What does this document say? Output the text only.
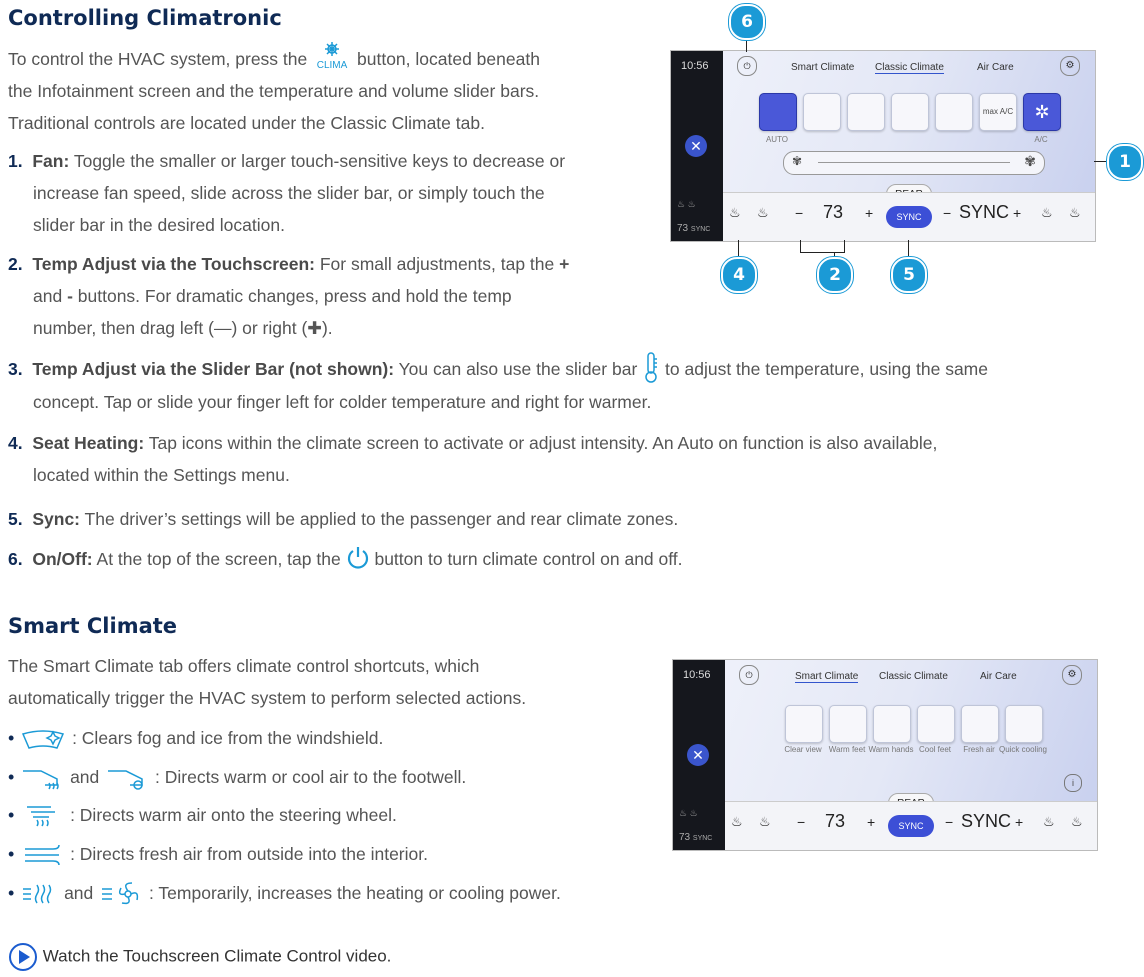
Controlling Climatronic
To control the HVAC system, press the CLIMA button, located beneath
the Infotainment screen and the temperature and volume slider bars.
Traditional controls are located under the Classic Climate tab.
1. Fan: Toggle the smaller or larger touch-sensitive keys to decrease or
increase fan speed, slide across the slider bar, or simply touch the
slider bar in the desired location.
2. Temp Adjust via the Touchscreen: For small adjustments, tap the +
and - buttons. For dramatic changes, press and hold the temp
number, then drag left (—) or right (✚).
3. Temp Adjust via the Slider Bar (not shown): You can also use the slider bar to adjust the temperature, using the same
concept. Tap or slide your finger left for colder temperature and right for warmer.
4. Seat Heating: Tap icons within the climate screen to activate or adjust intensity. An Auto on function is also available,
located within the Settings menu.
5. Sync: The driver’s settings will be applied to the passenger and rear climate zones.
6. On/Off: At the top of the screen, tap the button to turn climate control on and off.
10:56
✕
♨ ♨
73 SYNC
⏻	Smart Climate Classic Climate	Air Care	⚙
AUTO
max A/C	✲
A/C
✾	✾
♨ ♨ − 73 +	SYNC	− SYNC + ♨ ♨
6
1
4	2	5
Smart Climate
The Smart Climate tab offers climate control shortcuts, which
automatically trigger the HVAC system to perform selected actions.
•	: Clears fog and ice from the windshield.
•	and	: Directs warm or cool air to the footwell.
•	: Directs warm air onto the steering wheel.
•	: Directs fresh air from outside into the interior.
•	and	: Temporarily, increases the heating or cooling power.
Watch the Touchscreen Climate Control video.
10:56
✕
♨ ♨
73 SYNC
⏻	Smart Climate Classic Climate	Air Care	⚙
Clear view Warm feet Warm hands Cool feet	Fresh air Quick cooling
i
♨ ♨ − 73 +	SYNC	− SYNC + ♨ ♨
